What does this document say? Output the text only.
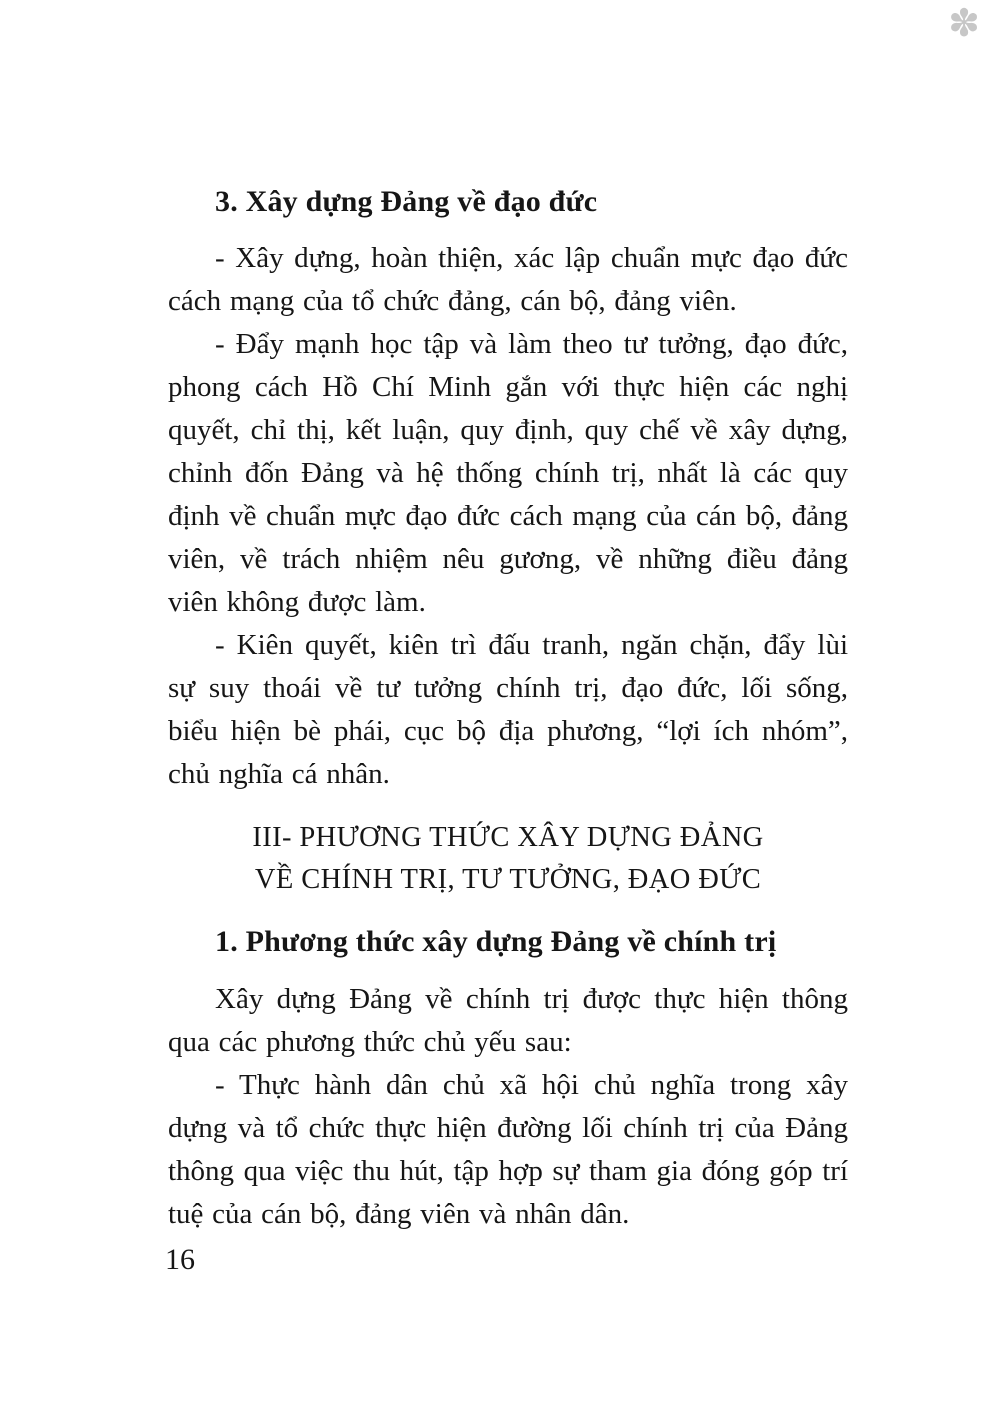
✽
3. Xây dựng Đảng về đạo đức

- Xây dựng, hoàn thiện, xác lập chuẩn mực đạo đức cách mạng của tổ chức đảng, cán bộ, đảng viên.

- Đẩy mạnh học tập và làm theo tư tưởng, đạo đức, phong cách Hồ Chí Minh gắn với thực hiện các nghị quyết, chỉ thị, kết luận, quy định, quy chế về xây dựng, chỉnh đốn Đảng và hệ thống chính trị, nhất là các quy định về chuẩn mực đạo đức cách mạng của cán bộ, đảng viên, về trách nhiệm nêu gương, về những điều đảng viên không được làm.

- Kiên quyết, kiên trì đấu tranh, ngăn chặn, đẩy lùi sự suy thoái về tư tưởng chính trị, đạo đức, lối sống, biểu hiện bè phái, cục bộ địa phương, “lợi ích nhóm”, chủ nghĩa cá nhân.

III- PHƯƠNG THỨC XÂY DỰNG ĐẢNG
VỀ CHÍNH TRỊ, TƯ TƯỞNG, ĐẠO ĐỨC
1. Phương thức xây dựng Đảng về chính trị

Xây dựng Đảng về chính trị được thực hiện thông qua các phương thức chủ yếu sau:

- Thực hành dân chủ xã hội chủ nghĩa trong xây dựng và tổ chức thực hiện đường lối chính trị của Đảng thông qua việc thu hút, tập hợp sự tham gia đóng góp trí tuệ của cán bộ, đảng viên và nhân dân.

16
